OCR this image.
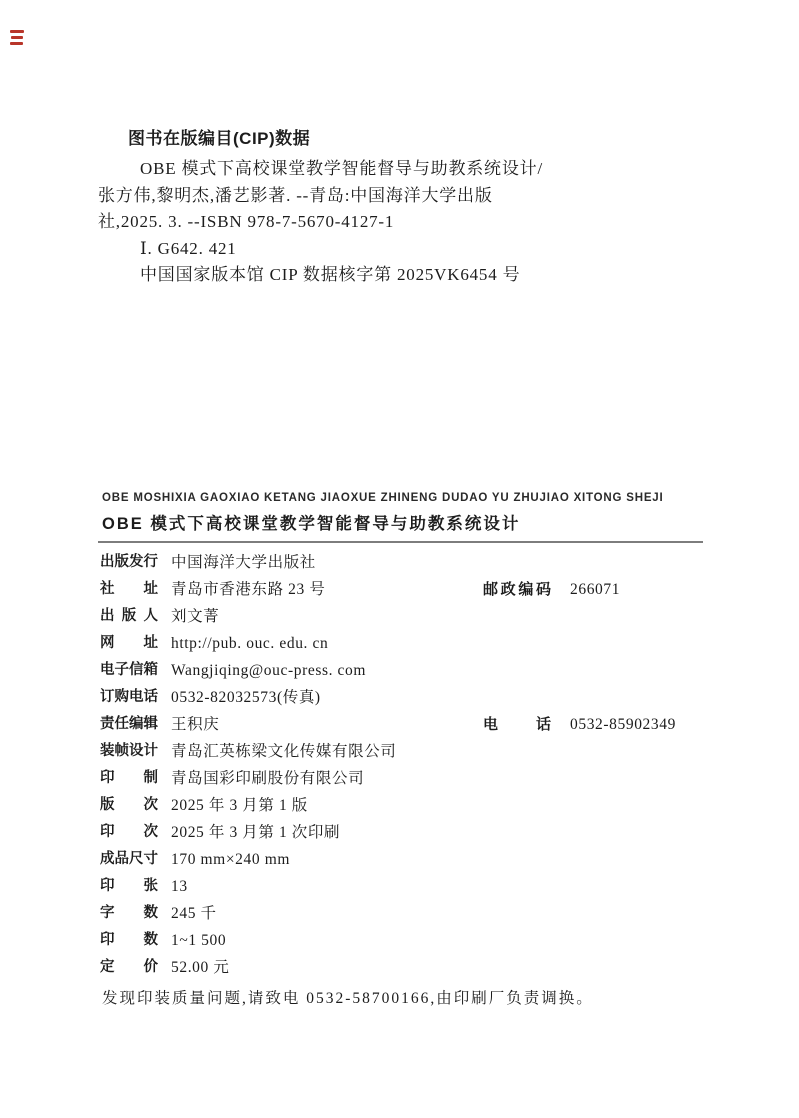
图书在版编目(CIP)数据
OBE 模式下高校课堂教学智能督导与助教系统设计/
张方伟,黎明杰,潘艺影著. --青岛:中国海洋大学出版
社,2025. 3. --ISBN 978-7-5670-4127-1
Ⅰ. G642. 421
中国国家版本馆 CIP 数据核字第 2025VK6454 号
OBE MOSHIXIA GAOXIAO KETANG JIAOXUE ZHINENG DUDAO YU ZHUJIAO XITONG SHEJI
OBE 模式下高校课堂教学智能督导与助教系统设计
出版发行 中国海洋大学出版社
社址 青岛市香港东路 23 号	邮政编码 266071
出版人 刘文菁
网址 http://pub. ouc. edu. cn
电子信箱 Wangjiqing@ouc-press. com
订购电话 0532-82032573(传真)
责任编辑 王积庆	电话 0532-85902349
装帧设计 青岛汇英栋梁文化传媒有限公司
印制 青岛国彩印刷股份有限公司
版次 2025 年 3 月第 1 版
印次 2025 年 3 月第 1 次印刷
成品尺寸 170 mm×240 mm
印张 13
字数 245 千
印数 1~1 500
定价 52.00 元
发现印装质量问题,请致电 0532-58700166,由印刷厂负责调换。
